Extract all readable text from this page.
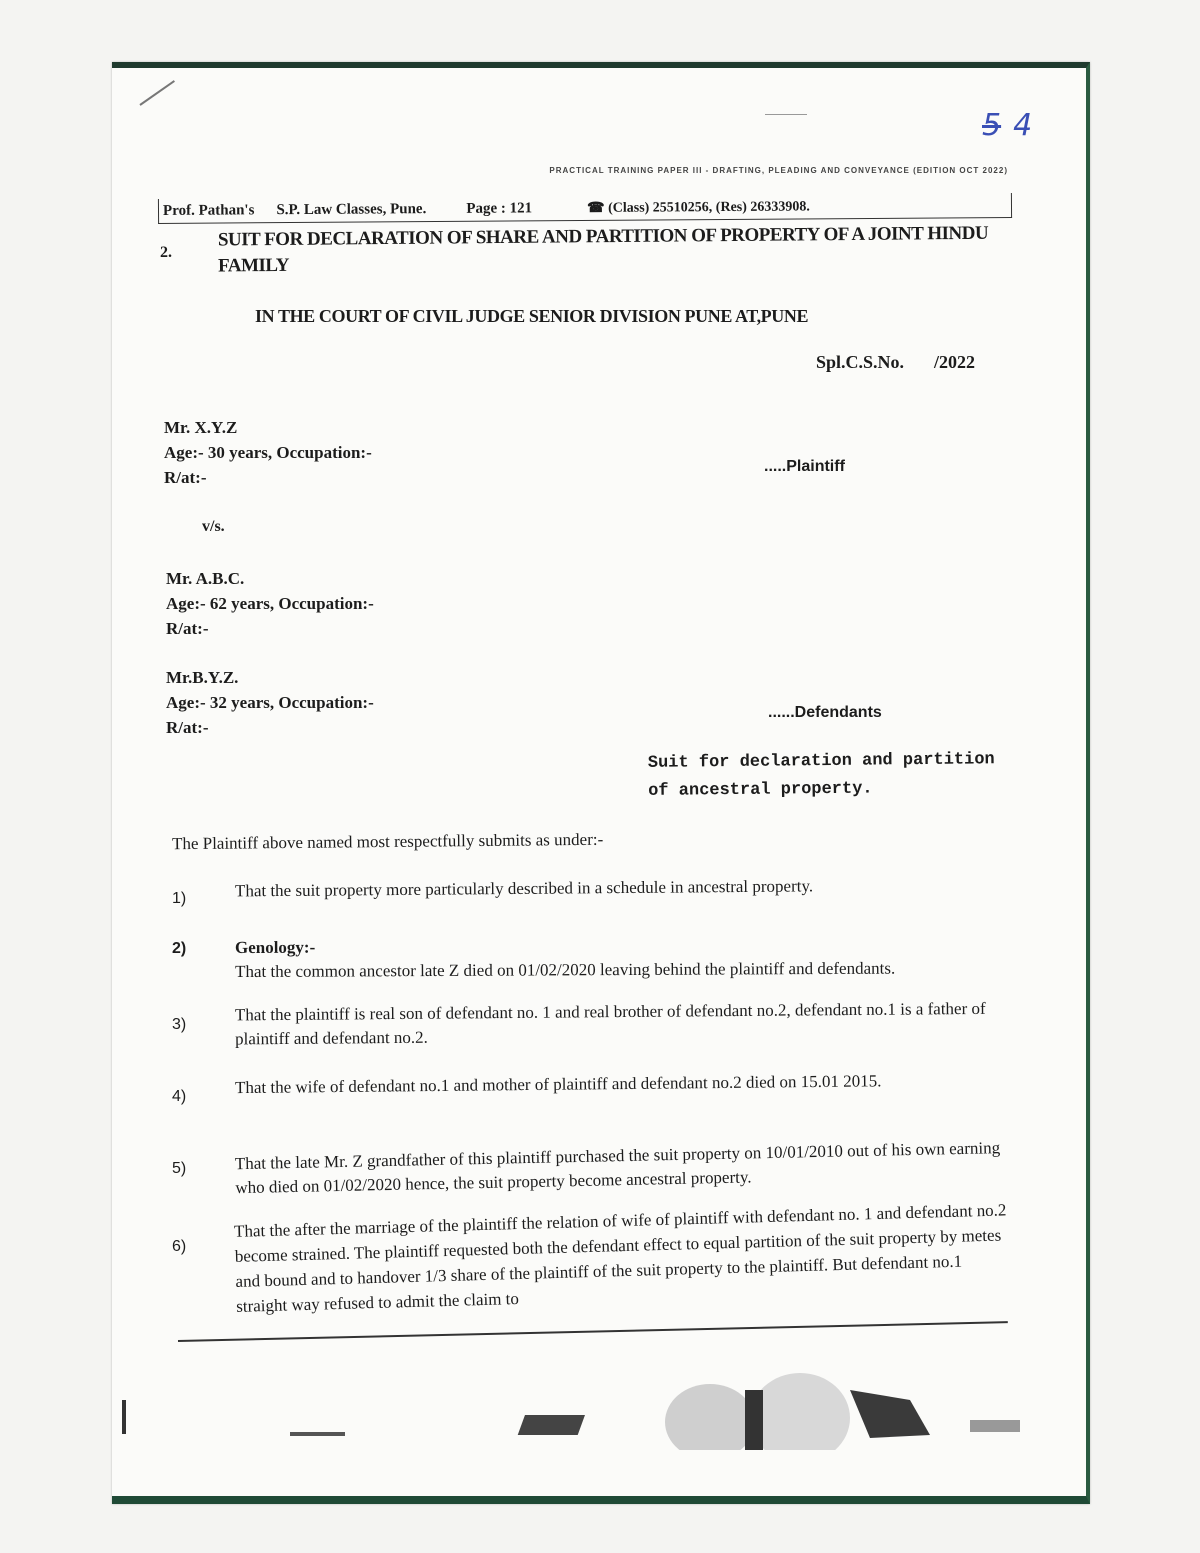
5 4
PRACTICAL TRAINING PAPER III - DRAFTING, PLEADING AND CONVEYANCE (EDITION OCT 2022)
Prof. Pathan's S.P. Law Classes, Pune.	Page : 121	☎ (Class) 25510256, (Res) 26333908.
2.
SUIT FOR DECLARATION OF SHARE AND PARTITION OF PROPERTY OF A JOINT HINDU FAMILY
IN THE COURT OF CIVIL JUDGE SENIOR DIVISION PUNE AT,PUNE
Spl.C.S.No. /2022
Mr. X.Y.Z
Age:- 30 years, Occupation:-
R/at:-
.....Plaintiff
v/s.
Mr. A.B.C.
Age:- 62 years, Occupation:-
R/at:-
Mr.B.Y.Z.
Age:- 32 years, Occupation:-
R/at:-
......Defendants
Suit for declaration and partition of ancestral property.
The Plaintiff above named most respectfully submits as under:-
1)	That the suit property more particularly described in a schedule in ancestral property.
2)	Genology:-
That the common ancestor late Z died on 01/02/2020 leaving behind the plaintiff and defendants.
3)
That the plaintiff is real son of defendant no. 1 and real brother of defendant no.2, defendant no.1 is a father of plaintiff and defendant no.2.
4)	That the wife of defendant no.1 and mother of plaintiff and defendant no.2 died on 15.01 2015.
5)	That the late Mr. Z grandfather of this plaintiff purchased the suit property on 10/01/2010 out of his own earning who died on 01/02/2020 hence, the suit property become ancestral property.
6)
That the after the marriage of the plaintiff the relation of wife of plaintiff with defendant no. 1 and defendant no.2 become strained. The plaintiff requested both the defendant effect to equal partition of the suit property by metes and bound and to handover 1/3 share of the plaintiff of the suit property to the plaintiff. But defendant no.1 straight way refused to admit the claim to
